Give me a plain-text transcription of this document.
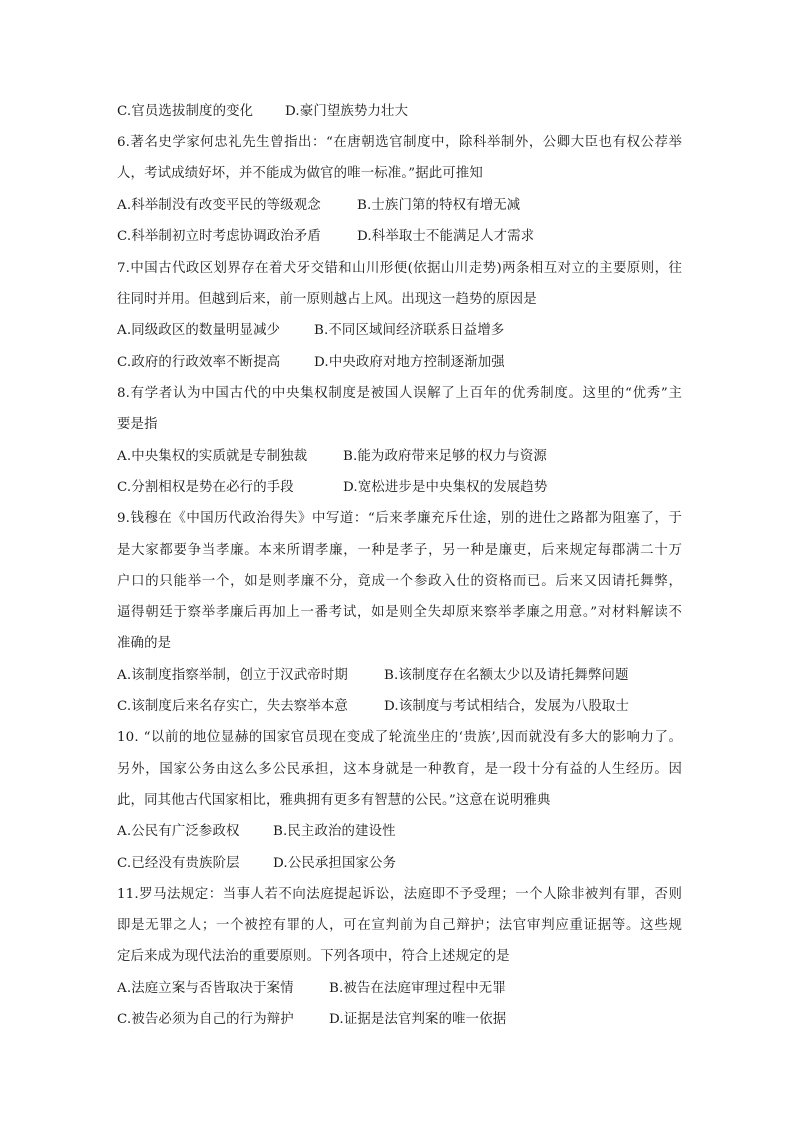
C.官员选拔制度的变化 D.豪门望族势力壮大
6.著名史学家何忠礼先生曾指出：“在唐朝选官制度中，除科举制外，公卿大臣也有权公荐举
人，考试成绩好坏，并不能成为做官的唯一标准。”据此可推知
A.科举制没有改变平民的等级观念	B.士族门第的特权有增无减
C.科举制初立时考虑协调政治矛盾	D.科举取士不能满足人才需求
7.中国古代政区划界存在着犬牙交错和山川形便(依据山川走势)两条相互对立的主要原则，往
往同时并用。但越到后来，前一原则越占上风。出现这一趋势的原因是
A.同级政区的数量明显减少	B.不同区域间经济联系日益增多
C.政府的行政效率不断提高	D.中央政府对地方控制逐渐加强
8.有学者认为中国古代的中央集权制度是被国人误解了上百年的优秀制度。这里的“优秀”主
要是指
A.中央集权的实质就是专制独裁	B.能为政府带来足够的权力与资源
C.分割相权是势在必行的手段	D.宽松进步是中央集权的发展趋势
9.钱穆在《中国历代政治得失》中写道：“后来孝廉充斥仕途，别的进仕之路都为阻塞了，于
是大家都要争当孝廉。本来所谓孝廉，一种是孝子，另一种是廉吏，后来规定每郡满二十万
户口的只能举一个，如是则孝廉不分，竟成一个参政入仕的资格而已。后来又因请托舞弊，
逼得朝廷于察举孝廉后再加上一番考试，如是则全失却原来察举孝廉之用意。”对材料解读不
准确的是
A.该制度指察举制，创立于汉武帝时期	B.该制度存在名额太少以及请托舞弊问题
C.该制度后来名存实亡，失去察举本意	D.该制度与考试相结合，发展为八股取士
10. “以前的地位显赫的国家官员现在变成了轮流坐庄的‘贵族’,因而就没有多大的影响力了。
另外，国家公务由这么多公民承担，这本身就是一种教育，是一段十分有益的人生经历。因
此，同其他古代国家相比，雅典拥有更多有智慧的公民。”这意在说明雅典
A.公民有广泛参政权 B.民主政治的建设性
C.已经没有贵族阶层 D.公民承担国家公务
11.罗马法规定：当事人若不向法庭提起诉讼，法庭即不予受理；一个人除非被判有罪，否则
即是无罪之人；一个被控有罪的人，可在宣判前为自己辩护；法官审判应重证据等。这些规
定后来成为现代法治的重要原则。下列各项中，符合上述规定的是
A.法庭立案与否皆取决于案情	B.被告在法庭审理过程中无罪
C.被告必须为自己的行为辩护	D.证据是法官判案的唯一依据
